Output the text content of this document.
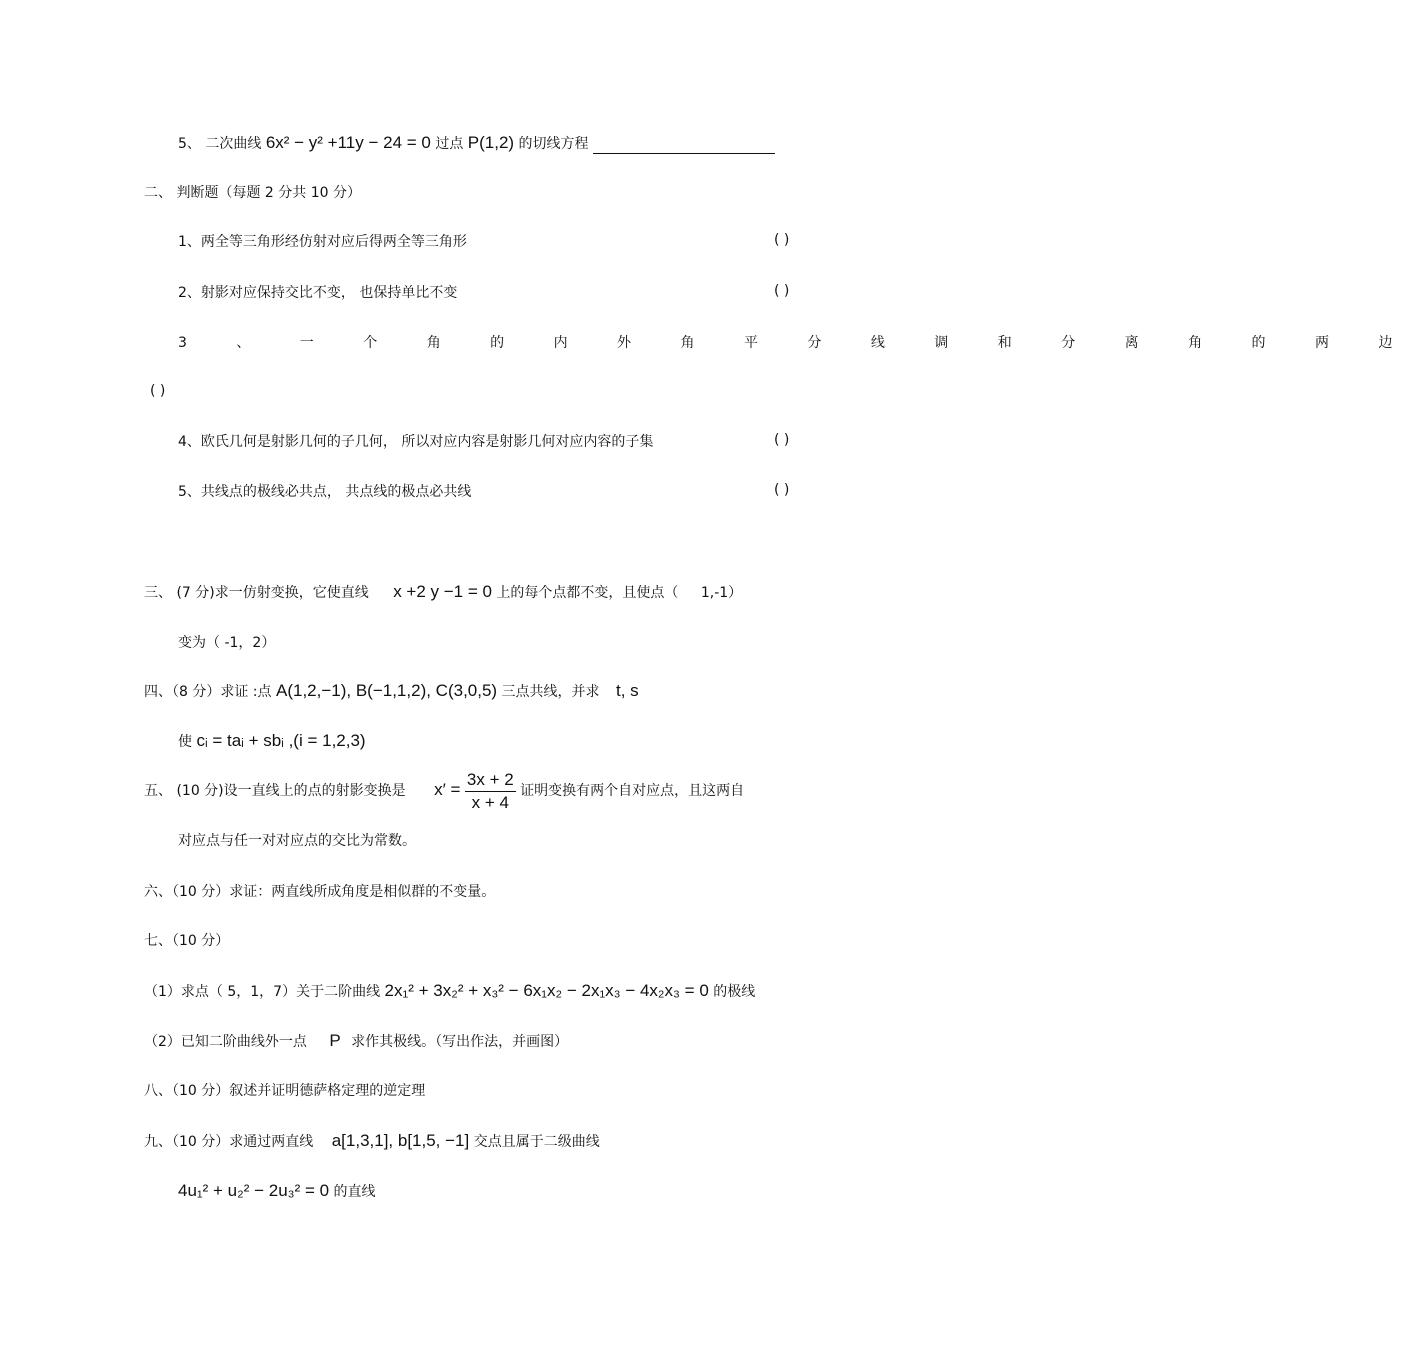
5、 二次曲线 6x² − y² +11y − 24 = 0 过点 P(1,2) 的切线方程
二、 判断题（每题 2 分共 10 分）
1、两全等三角形经仿射对应后得两全等三角形	( )
2、射影对应保持交比不变， 也保持单比不变	( )
3 、 一 个 角 的 内 外 角 平 分 线 调 和 分 离 角 的 两 边
( )
4、欧氏几何是射影几何的子几何， 所以对应内容是射影几何对应内容的子集	( )
5、共线点的极线必共点， 共点线的极点必共线	( )
三、 (7 分)求一仿射变换，它使直线 x +2 y −1 = 0 上的每个点都不变，且使点（ 1,-1）
变为（ -1，2）
四、（8 分）求证 :点 A(1,2,−1), B(−1,1,2), C(3,0,5) 三点共线，并求 t, s
使 cᵢ = taᵢ + sbᵢ ,(i = 1,2,3)
五、 (10 分)设一直线上的点的射影变换是 $x' = \frac{3x + 2}{x + 4}$ 证明变换有两个自对应点，且这两自
对应点与任一对对应点的交比为常数。
六、（10 分）求证：两直线所成角度是相似群的不变量。
七、（10 分）
（1）求点（ 5，1，7）关于二阶曲线 2x₁² + 3x₂² + x₃² − 6x₁x₂ − 2x₁x₃ − 4x₂x₃ = 0 的极线
（2）已知二阶曲线外一点 P 求作其极线。（写出作法，并画图）
八、（10 分）叙述并证明德萨格定理的逆定理
九、（10 分）求通过两直线 a[1,3,1], b[1,5, −1] 交点且属于二级曲线
4u₁² + u₂² − 2u₃² = 0 的直线
